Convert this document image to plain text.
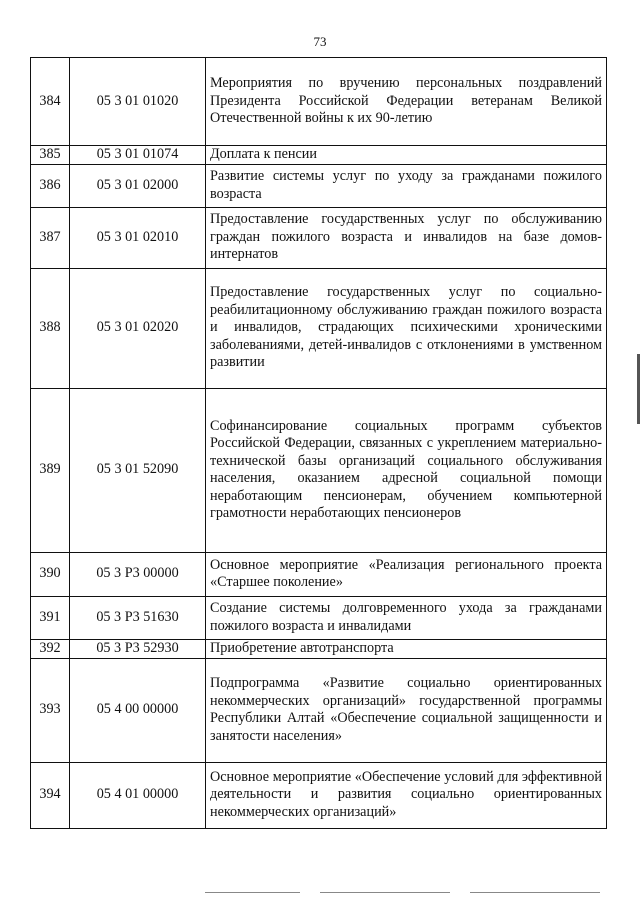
73
384	05 3 01 01020	Мероприятия по вручению персональных поздравлений Президента Российской Федерации ветеранам Великой Отечественной войны к их 90-летию
385	05 3 01 01074	Доплата к пенсии
386	05 3 01 02000	Развитие системы услуг по уходу за гражданами пожилого возраста
387	05 3 01 02010	Предоставление государственных услуг по обслуживанию граждан пожилого возраста и инвалидов на базе домов-интернатов
388	05 3 01 02020	Предоставление государственных услуг по социально-реабилитационному обслуживанию граждан пожилого возраста и инвалидов, страдающих психическими хроническими заболеваниями, детей-инвалидов с отклонениями в умственном развитии
389	05 3 01 52090	Софинансирование социальных программ субъектов Российской Федерации, связанных с укреплением материально-технической базы организаций социального обслуживания населения, оказанием адресной социальной помощи неработающим пенсионерам, обучением компьютерной грамотности неработающих пенсионеров
390	05 3 P3 00000	Основное мероприятие «Реализация регионального проекта «Старшее поколение»
391	05 3 P3 51630	Создание системы долговременного ухода за гражданами пожилого возраста и инвалидами
392	05 3 P3 52930	Приобретение автотранспорта
393	05 4 00 00000	Подпрограмма «Развитие социально ориентированных некоммерческих организаций» государственной программы Республики Алтай «Обеспечение социальной защищенности и занятости населения»
394	05 4 01 00000	Основное мероприятие «Обеспечение условий для эффективной деятельности и развития социально ориентированных некоммерческих организаций»
